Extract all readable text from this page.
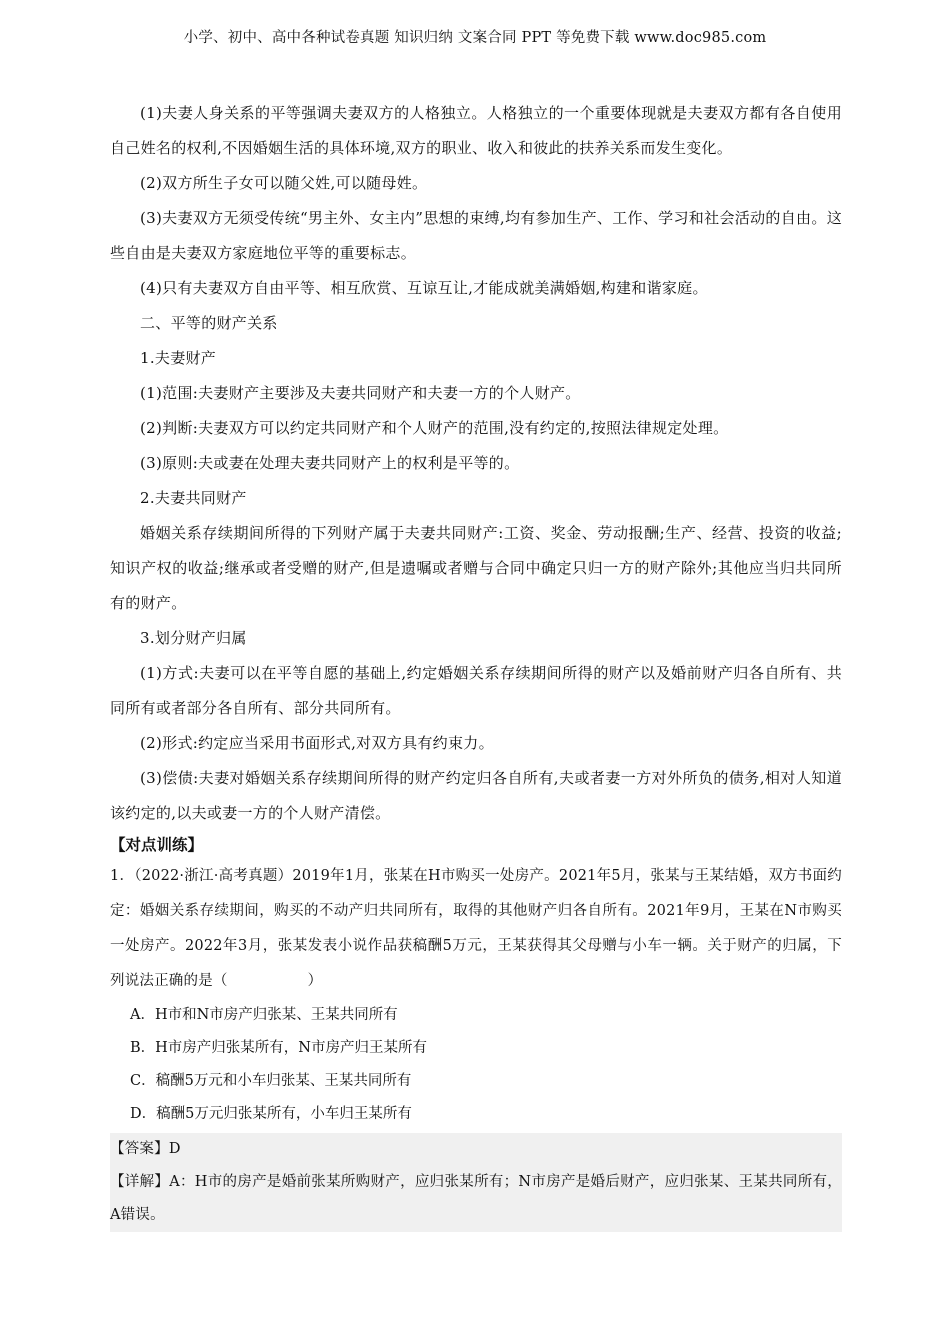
小学、初中、高中各种试卷真题 知识归纳 文案合同 PPT 等免费下载 www.doc985.com

(1)夫妻人身关系的平等强调夫妻双方的人格独立。人格独立的一个重要体现就是夫妻双方都有各自使用自己姓名的权利,不因婚姻生活的具体环境,双方的职业、收入和彼此的扶养关系而发生变化。

(2)双方所生子女可以随父姓,可以随母姓。

(3)夫妻双方无须受传统“男主外、女主内”思想的束缚,均有参加生产、工作、学习和社会活动的自由。这些自由是夫妻双方家庭地位平等的重要标志。

(4)只有夫妻双方自由平等、相互欣赏、互谅互让,才能成就美满婚姻,构建和谐家庭。

二、平等的财产关系

1.夫妻财产

(1)范围:夫妻财产主要涉及夫妻共同财产和夫妻一方的个人财产。

(2)判断:夫妻双方可以约定共同财产和个人财产的范围,没有约定的,按照法律规定处理。

(3)原则:夫或妻在处理夫妻共同财产上的权利是平等的。

2.夫妻共同财产

婚姻关系存续期间所得的下列财产属于夫妻共同财产:工资、奖金、劳动报酬;生产、经营、投资的收益;知识产权的收益;继承或者受赠的财产,但是遗嘱或者赠与合同中确定只归一方的财产除外;其他应当归共同所有的财产。

3.划分财产归属

(1)方式:夫妻可以在平等自愿的基础上,约定婚姻关系存续期间所得的财产以及婚前财产归各自所有、共同所有或者部分各自所有、部分共同所有。

(2)形式:约定应当采用书面形式,对双方具有约束力。

(3)偿债:夫妻对婚姻关系存续期间所得的财产约定归各自所有,夫或者妻一方对外所负的债务,相对人知道该约定的,以夫或妻一方的个人财产清偿。

【对点训练】

1．（2022·浙江·高考真题）2019年1月，张某在H市购买一处房产。2021年5月，张某与王某结婚，双方书面约定：婚姻关系存续期间，购买的不动产归共同所有，取得的其他财产归各自所有。2021年9月，王某在N市购买一处房产。2022年3月，张某发表小说作品获稿酬5万元，王某获得其父母赠与小车一辆。关于财产的归属，下列说法正确的是（	）

A．H市和N市房产归张某、王某共同所有

B．H市房产归张某所有，N市房产归王某所有

C．稿酬5万元和小车归张某、王某共同所有

D．稿酬5万元归张某所有，小车归王某所有

【答案】D

【详解】A：H市的房产是婚前张某所购财产，应归张某所有；N市房产是婚后财产，应归张某、王某共同所有，A错误。
